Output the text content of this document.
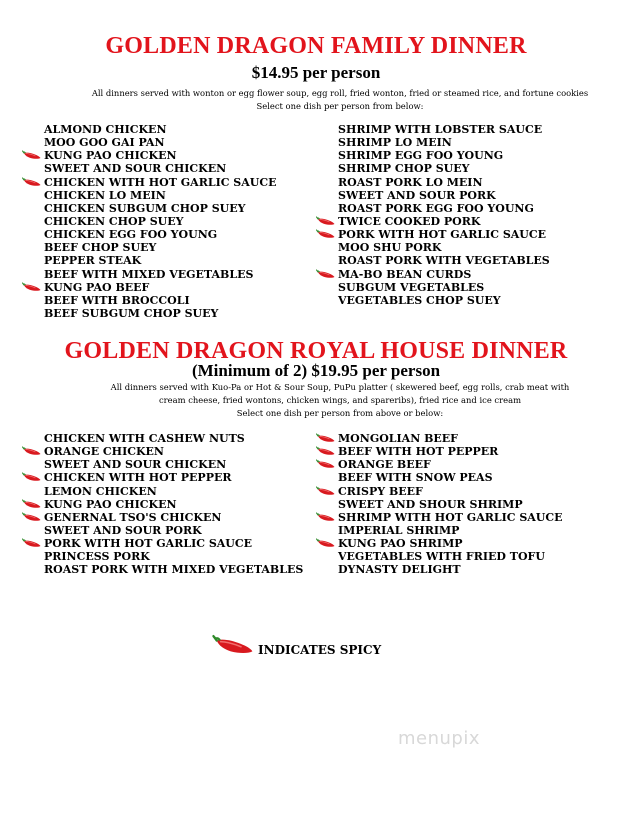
GOLDEN DRAGON FAMILY DINNER
$14.95 per person
All dinners served with wonton or egg flower soup, egg roll, fried wonton, fried or steamed rice, and fortune cookies
Select one dish per person from below:
ALMOND CHICKEN
MOO GOO GAI PAN
KUNG PAO CHICKEN
SWEET AND SOUR CHICKEN
CHICKEN WITH HOT GARLIC SAUCE
CHICKEN LO MEIN
CHICKEN SUBGUM CHOP SUEY
CHICKEN CHOP SUEY
CHICKEN EGG FOO YOUNG
BEEF CHOP SUEY
PEPPER STEAK
BEEF WITH MIXED VEGETABLES
KUNG PAO BEEF
BEEF WITH BROCCOLI
BEEF SUBGUM CHOP SUEY
SHRIMP WITH LOBSTER SAUCE
SHRIMP LO MEIN
SHRIMP EGG FOO YOUNG
SHRIMP CHOP SUEY
ROAST PORK LO MEIN
SWEET AND SOUR PORK
ROAST PORK EGG FOO YOUNG
TWICE COOKED PORK
PORK WITH HOT GARLIC SAUCE
MOO SHU PORK
ROAST PORK WITH VEGETABLES
MA-BO BEAN CURDS
SUBGUM VEGETABLES
VEGETABLES CHOP SUEY
GOLDEN DRAGON ROYAL HOUSE DINNER
(Minimum of 2) $19.95 per person
All dinners served with Kuo-Pa or Hot & Sour Soup, PuPu platter ( skewered beef, egg rolls, crab meat with
cream cheese, fried wontons, chicken wings, and spareribs), fried rice and ice cream
Select one dish per person from above or below:
CHICKEN WITH CASHEW NUTS
ORANGE CHICKEN
SWEET AND SOUR CHICKEN
CHICKEN WITH HOT PEPPER
LEMON CHICKEN
KUNG PAO CHICKEN
GENERNAL TSO'S CHICKEN
SWEET AND SOUR PORK
PORK WITH HOT GARLIC SAUCE
PRINCESS PORK
ROAST PORK WITH MIXED VEGETABLES
MONGOLIAN BEEF
BEEF WITH HOT PEPPER
ORANGE BEEF
BEEF WITH SNOW PEAS
CRISPY BEEF
SWEET AND SHOUR SHRIMP
SHRIMP WITH HOT GARLIC SAUCE
IMPERIAL SHRIMP
KUNG PAO SHRIMP
VEGETABLES WITH FRIED TOFU
DYNASTY DELIGHT
INDICATES SPICY
menupix
